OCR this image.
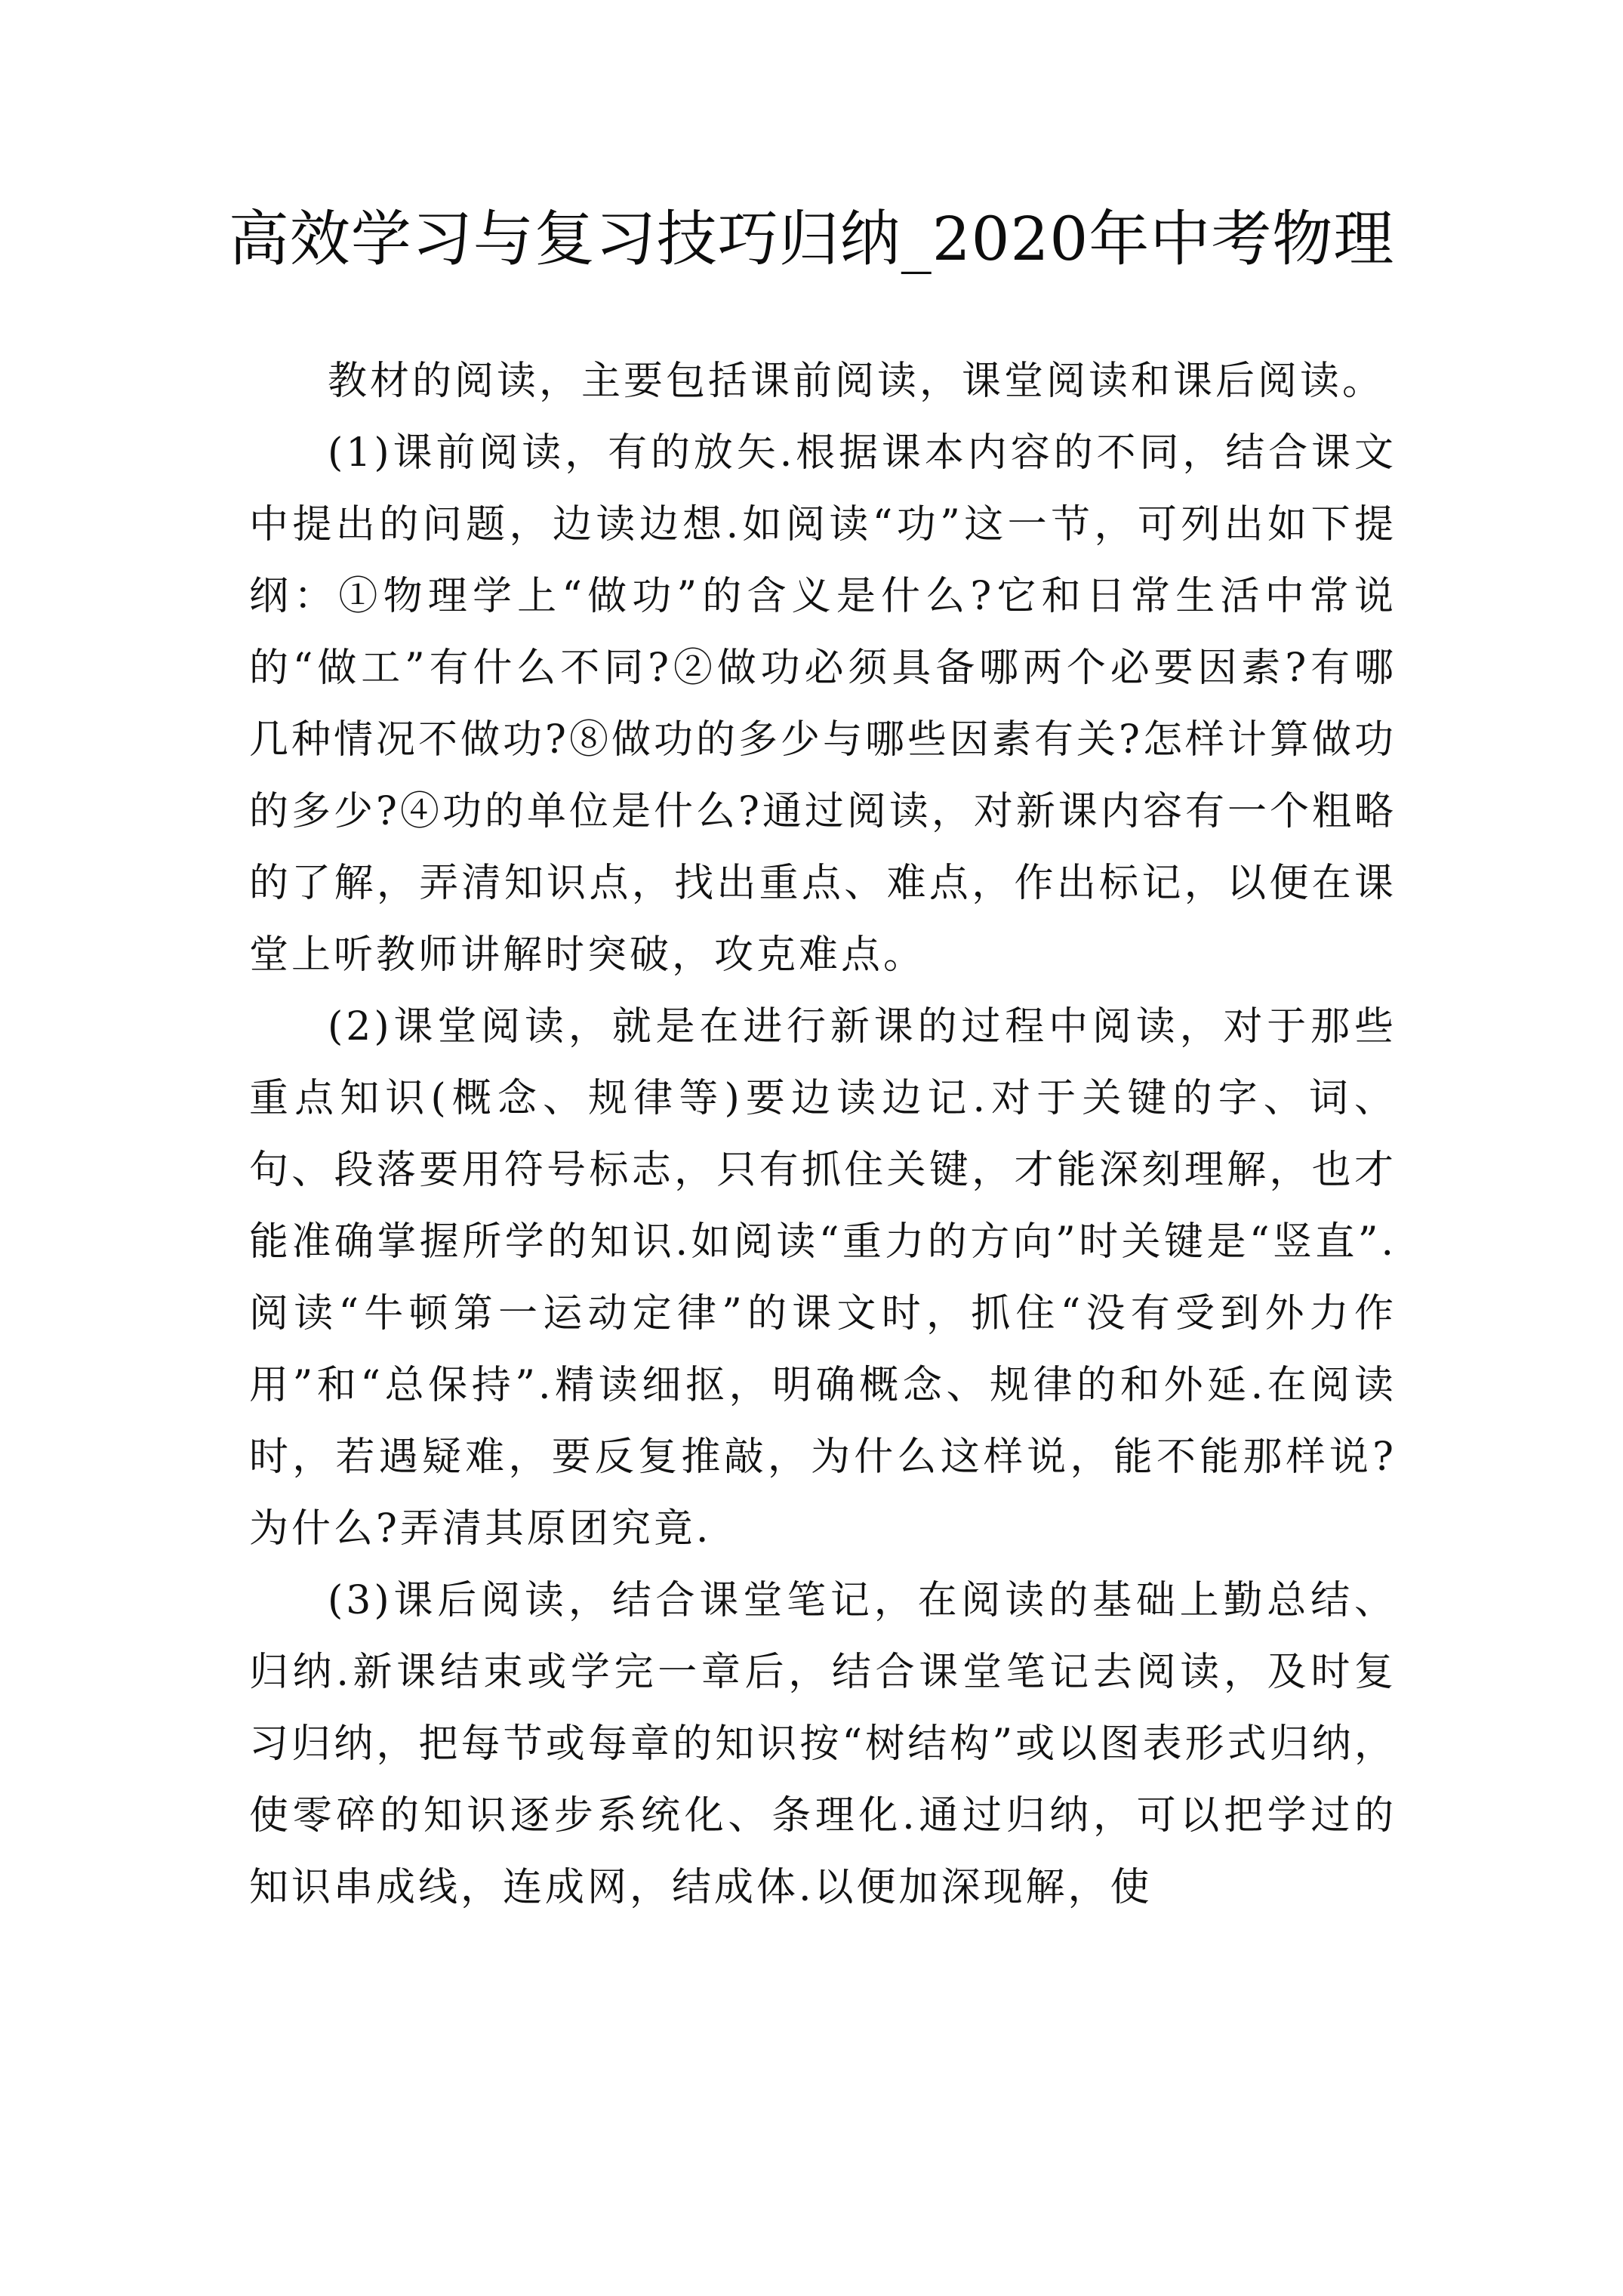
高效学习与复习技巧归纳_2020年中考物理

教材的阅读，主要包括课前阅读，课堂阅读和课后阅读。

(1)课前阅读，有的放矢.根据课本内容的不同，结合课文中提出的问题，边读边想.如阅读“功”这一节，可列出如下提纲：①物理学上“做功”的含义是什么?它和日常生活中常说的“做工”有什么不同?②做功必须具备哪两个必要因素?有哪几种情况不做功?⑧做功的多少与哪些因素有关?怎样计算做功的多少?④功的单位是什么?通过阅读，对新课内容有一个粗略的了解，弄清知识点，找出重点、难点，作出标记，以便在课堂上听教师讲解时突破，攻克难点。

(2)课堂阅读，就是在进行新课的过程中阅读，对于那些重点知识(概念、规律等)要边读边记.对于关键的字、词、句、段落要用符号标志，只有抓住关键，才能深刻理解，也才能准确掌握所学的知识.如阅读“重力的方向”时关键是“竖直”.阅读“牛顿第一运动定律”的课文时，抓住“没有受到外力作用”和“总保持”.精读细抠，明确概念、规律的和外延.在阅读时，若遇疑难，要反复推敲，为什么这样说，能不能那样说?为什么?弄清其原团究竟.

(3)课后阅读，结合课堂笔记，在阅读的基础上勤总结、归纳.新课结束或学完一章后，结合课堂笔记去阅读，及时复习归纳，把每节或每章的知识按“树结构”或以图表形式归纳，使零碎的知识逐步系统化、条理化.通过归纳，可以把学过的知识串成线，连成网，结成体.以便加深现解，使
